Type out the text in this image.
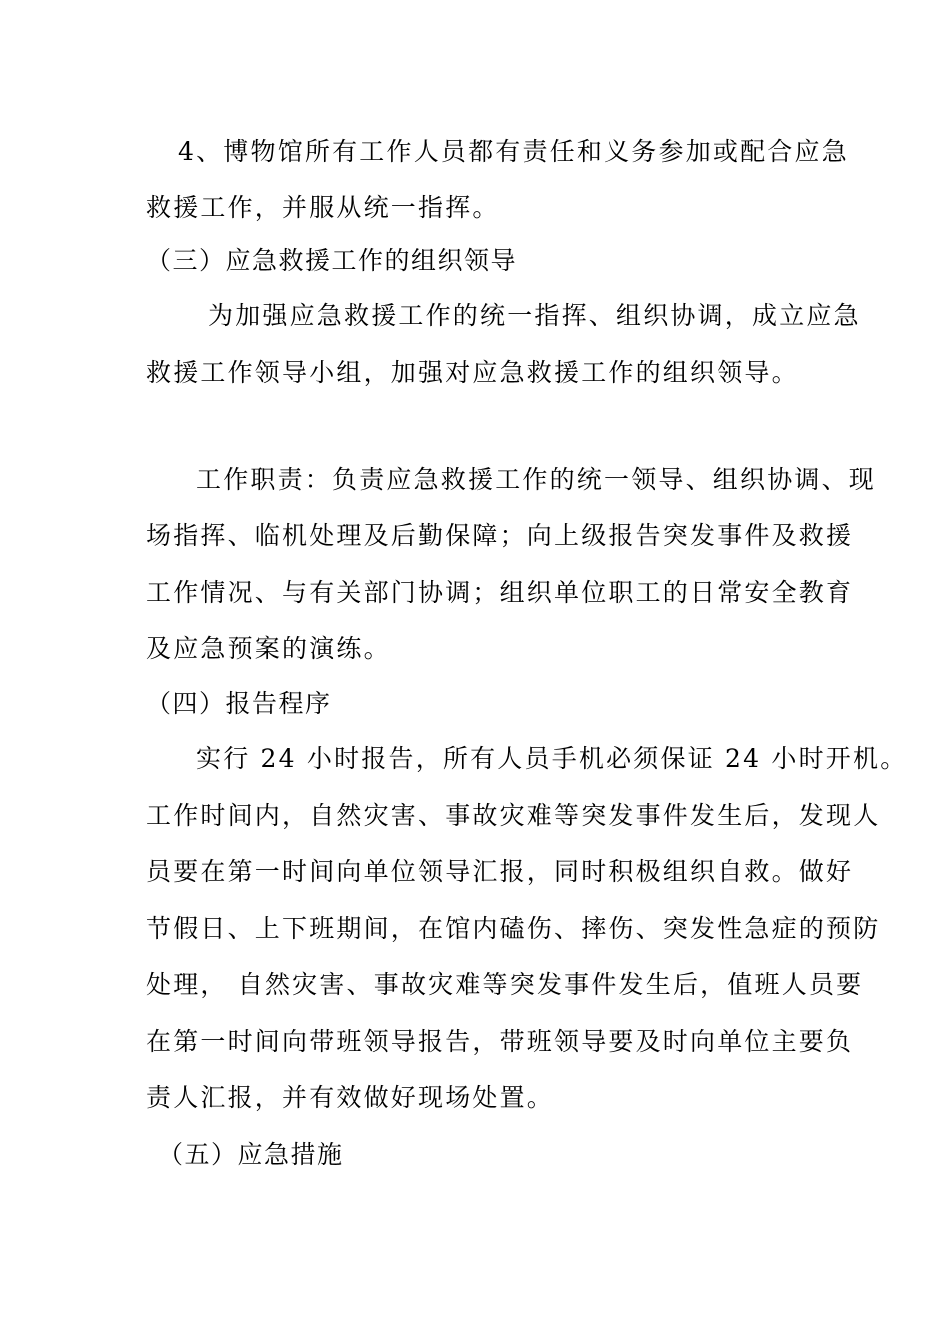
4、博物馆所有工作人员都有责任和义务参加或配合应急
救援工作，并服从统一指挥。
（三）应急救援工作的组织领导
为加强应急救援工作的统一指挥、组织协调，成立应急
救援工作领导小组，加强对应急救援工作的组织领导。
工作职责：负责应急救援工作的统一领导、组织协调、现
场指挥、临机处理及后勤保障；向上级报告突发事件及救援
工作情况、与有关部门协调；组织单位职工的日常安全教育
及应急预案的演练。
（四）报告程序
实行 24 小时报告，所有人员手机必须保证 24 小时开机。
工作时间内，自然灾害、事故灾难等突发事件发生后，发现人
员要在第一时间向单位领导汇报，同时积极组织自救。做好
节假日、上下班期间，在馆内磕伤、摔伤、突发性急症的预防
处理， 自然灾害、事故灾难等突发事件发生后，值班人员要
在第一时间向带班领导报告，带班领导要及时向单位主要负
责人汇报，并有效做好现场处置。
（五）应急措施
